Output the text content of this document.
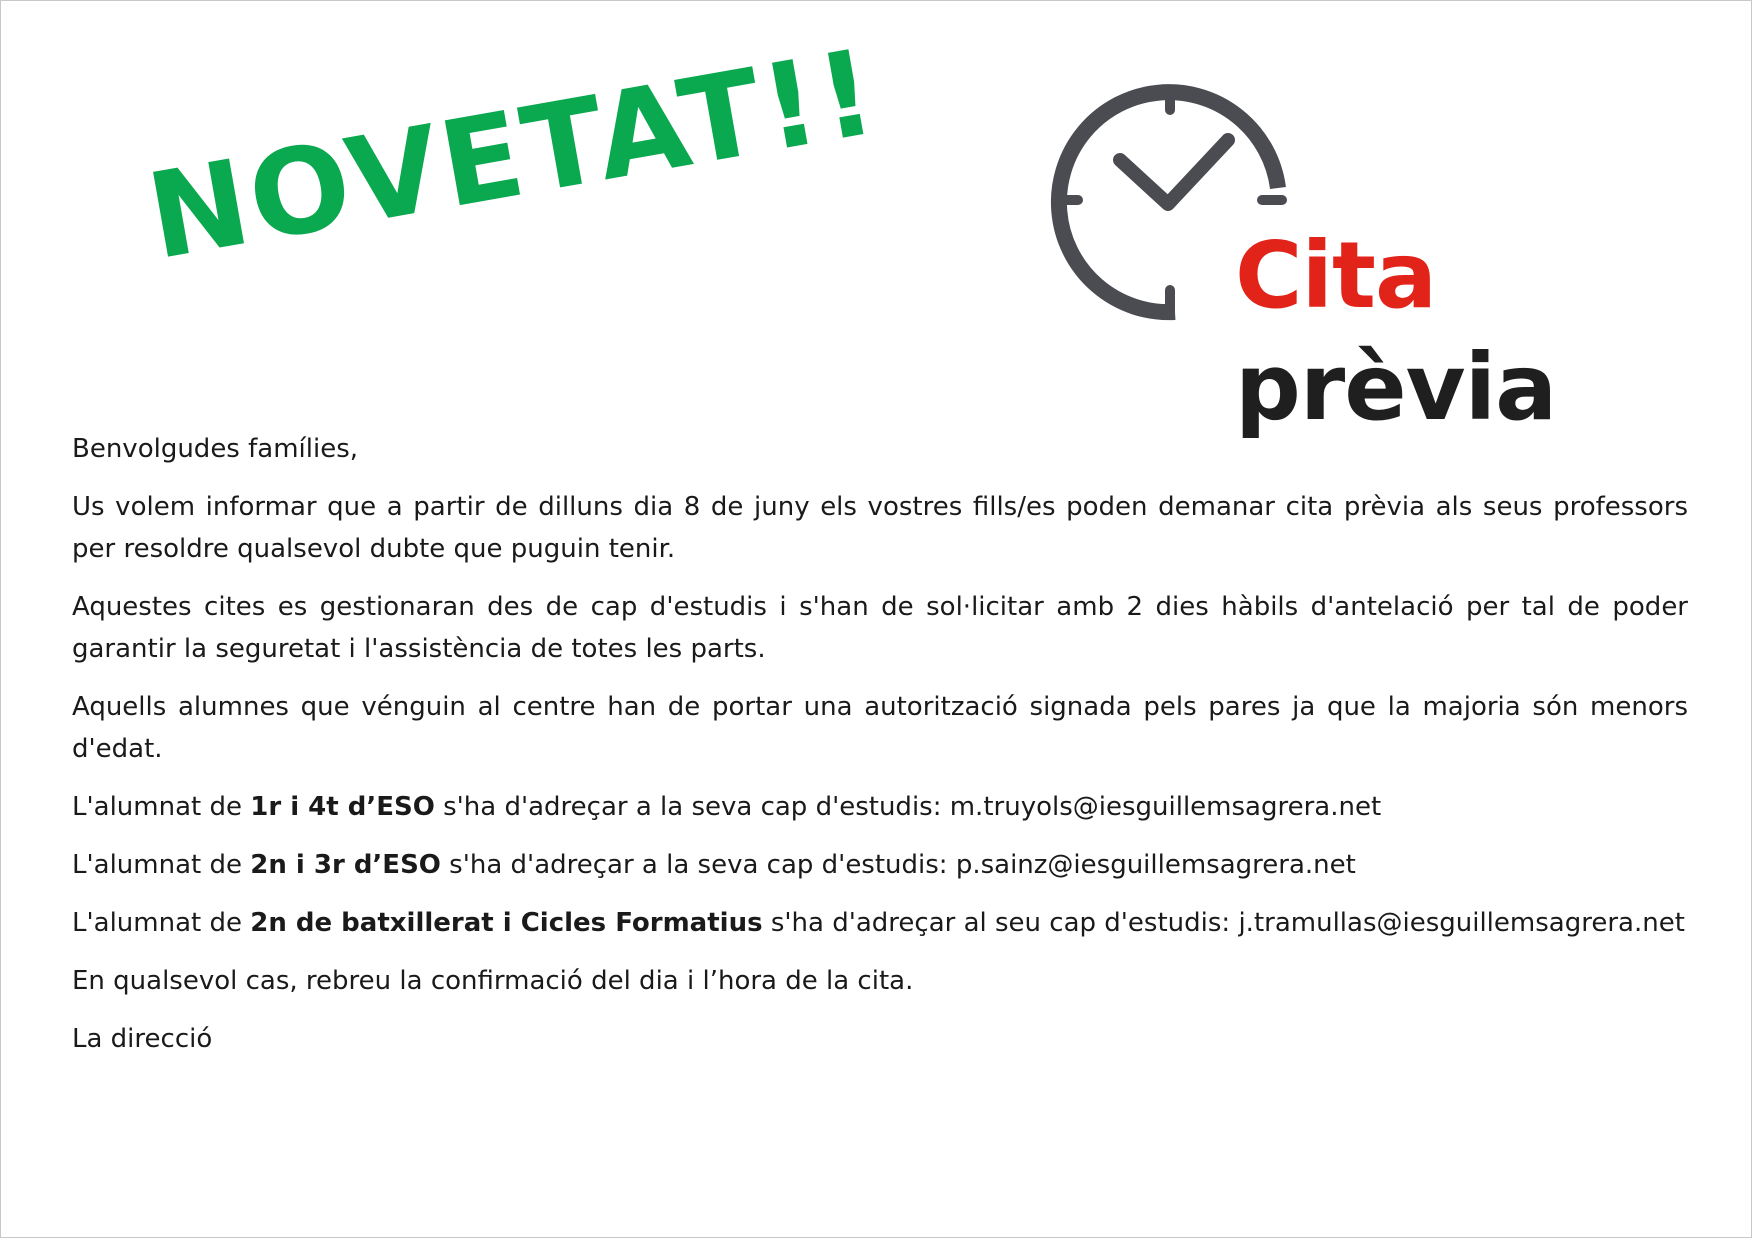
NOVETAT!!	Cita
prèvia

Benvolgudes famílies,

Us volem informar que a partir de dilluns dia 8 de juny els vostres fills/es poden demanar cita prèvia als seus professors per resoldre qualsevol dubte que puguin tenir.

Aquestes cites es gestionaran des de cap d'estudis i s'han de sol·licitar amb 2 dies hàbils d'antelació per tal de poder garantir la seguretat i l'assistència de totes les parts.

Aquells alumnes que vénguin al centre han de portar una autorització signada pels pares ja que la majoria són menors d'edat.

L'alumnat de 1r i 4t d’ESO s'ha d'adreçar a la seva cap d'estudis: m.truyols@iesguillemsagrera.net

L'alumnat de 2n i 3r d’ESO s'ha d'adreçar a la seva cap d'estudis: p.sainz@iesguillemsagrera.net

L'alumnat de 2n de batxillerat i Cicles Formatius s'ha d'adreçar al seu cap d'estudis: j.tramullas@iesguillemsagrera.net

En qualsevol cas, rebreu la confirmació del dia i l’hora de la cita.

La direcció
